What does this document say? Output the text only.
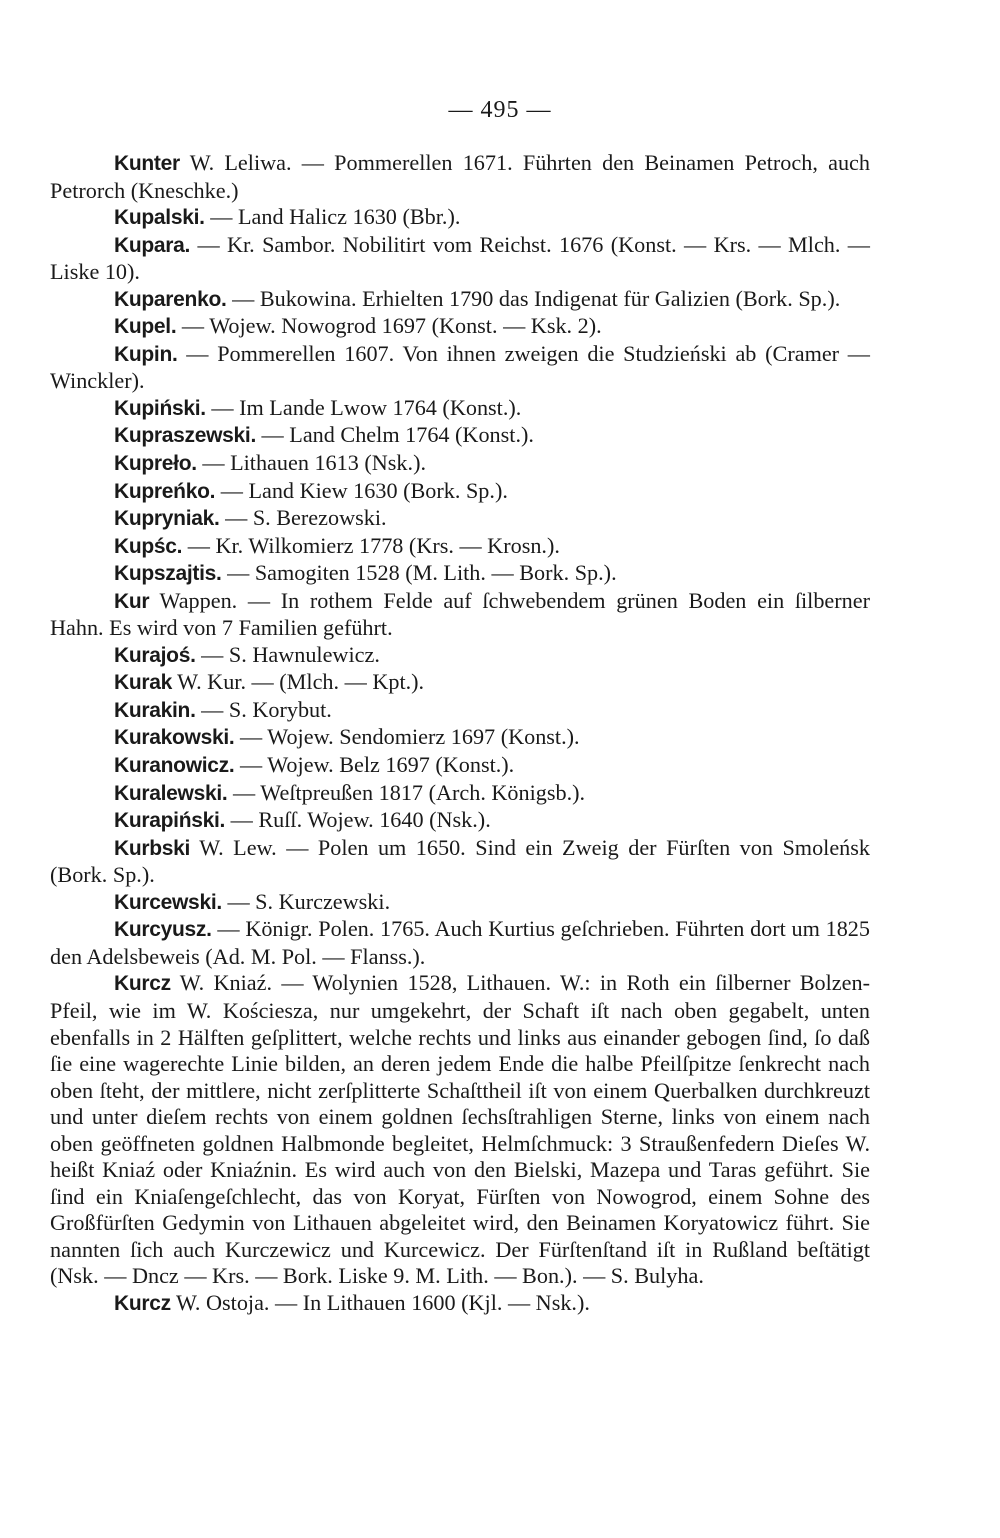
— 495 —

Kunter W. Leliwa. — Pommerellen 1671. Führten den Beinamen Petroch, auch Petrorch (Kneschke.)

Kupalski. — Land Halicz 1630 (Bbr.).

Kupara. — Kr. Sambor. Nobilitirt vom Reichst. 1676 (Konst. — Krs. — Mlch. — Liske 10).

Kuparenko. — Bukowina. Erhielten 1790 das Indigenat für Galizien (Bork. Sp.).

Kupel. — Wojew. Nowogrod 1697 (Konst. — Ksk. 2).

Kupin. — Pommerellen 1607. Von ihnen zweigen die Studzieński ab (Cramer — Winckler).

Kupiński. — Im Lande Lwow 1764 (Konst.).

Kupraszewski. — Land Chelm 1764 (Konst.).

Kupreło. — Lithauen 1613 (Nsk.).

Kupreńko. — Land Kiew 1630 (Bork. Sp.).

Kupryniak. — S. Berezowski.

Kupśc. — Kr. Wilkomierz 1778 (Krs. — Krosn.).

Kupszajtis. — Samogiten 1528 (M. Lith. — Bork. Sp.).

Kur Wappen. — In rothem Felde auf ſchwebendem grünen Boden ein ſilberner Hahn. Es wird von 7 Familien geführt.

Kurajoś. — S. Hawnulewicz.

Kurak W. Kur. — (Mlch. — Kpt.).

Kurakin. — S. Korybut.

Kurakowski. — Wojew. Sendomierz 1697 (Konst.).

Kuranowicz. — Wojew. Belz 1697 (Konst.).

Kuralewski. — Weſtpreußen 1817 (Arch. Königsb.).

Kurapiński. — Ruſſ. Wojew. 1640 (Nsk.).

Kurbski W. Lew. — Polen um 1650. Sind ein Zweig der Fürſten von Smoleńsk (Bork. Sp.).

Kurcewski. — S. Kurczewski.

Kurcyusz. — Königr. Polen. 1765. Auch Kurtius geſchrieben. Führten dort um 1825 den Adelsbeweis (Ad. M. Pol. — Flanss.).

Kurcz W. Kniaź. — Wolynien 1528, Lithauen. W.: in Roth ein ſilberner Bolzen-Pfeil, wie im W. Kościesza, nur umgekehrt, der Schaft iſt nach oben gegabelt, unten ebenfalls in 2 Hälften geſplittert, welche rechts und links aus einander gebogen ſind, ſo daß ſie eine wagerechte Linie bilden, an deren jedem Ende die halbe Pfeilſpitze ſenkrecht nach oben ſteht, der mittlere, nicht zerſplitterte Schaſttheil iſt von einem Querbalken durchkreuzt und unter dieſem rechts von einem goldnen ſechsſtrahligen Sterne, links von einem nach oben geöffneten goldnen Halbmonde begleitet, Helmſchmuck: 3 Straußenfedern Dieſes W. heißt Kniaź oder Kniaźnin. Es wird auch von den Bielski, Mazepa und Taras geführt. Sie ſind ein Kniaſengeſchlecht, das von Koryat, Fürſten von Nowogrod, einem Sohne des Großfürſten Gedymin von Lithauen abgeleitet wird, den Beinamen Koryatowicz führt. Sie nannten ſich auch Kurczewicz und Kurcewicz. Der Fürſtenſtand iſt in Rußland beſtätigt (Nsk. — Dncz — Krs. — Bork. Liske 9. M. Lith. — Bon.). — S. Bulyha.

Kurcz W. Ostoja. — In Lithauen 1600 (Kjl. — Nsk.).
